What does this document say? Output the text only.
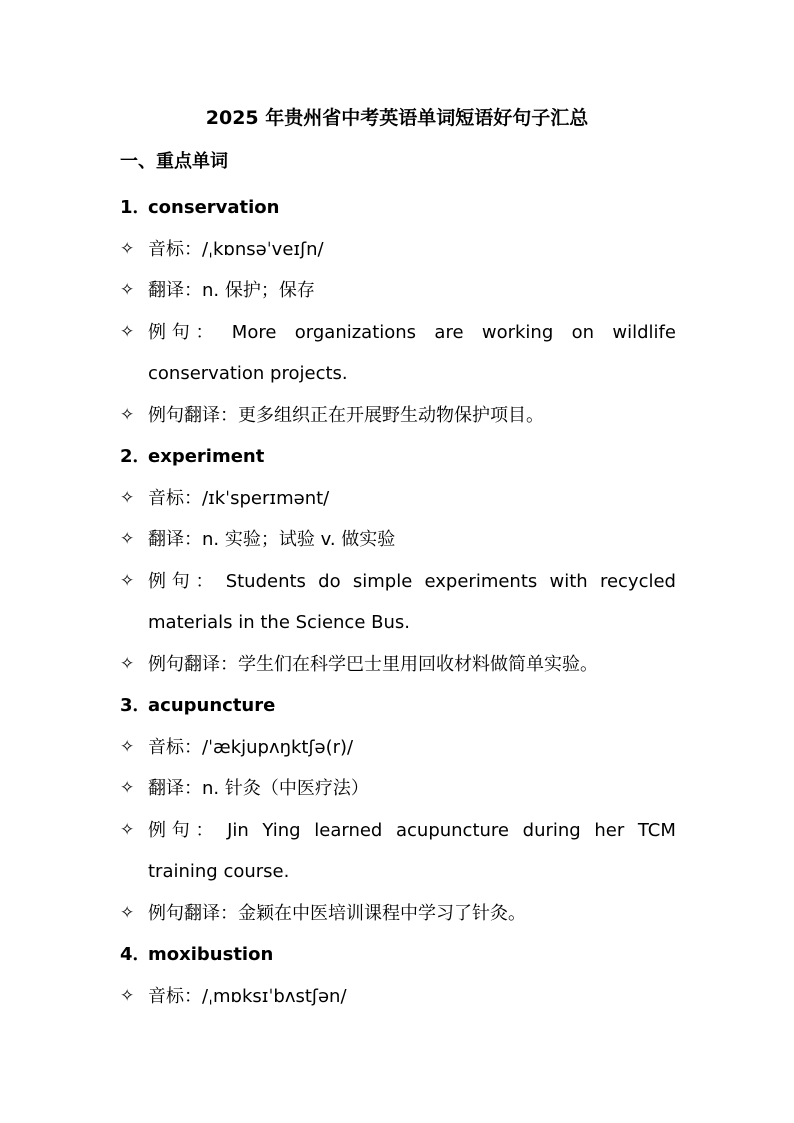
2025 年贵州省中考英语单词短语好句子汇总
一、重点单词
1．conservation
✧ 音标：/ˌkɒnsəˈveɪʃn/
✧ 翻译：n. 保护；保存
✧ 例 句 ： More organizations are working on wildlife
conservation projects.
✧ 例句翻译：更多组织正在开展野生动物保护项目。
2．experiment
✧ 音标：/ɪkˈsperɪmənt/
✧ 翻译：n. 实验；试验 v. 做实验
✧ 例 句 ： Students do simple experiments with recycled
materials in the Science Bus.
✧ 例句翻译：学生们在科学巴士里用回收材料做简单实验。
3．acupuncture
✧ 音标：/ˈækjupʌŋktʃə(r)/
✧ 翻译：n. 针灸（中医疗法）
✧ 例 句 ： Jin Ying learned acupuncture during her TCM
training course.
✧ 例句翻译：金颖在中医培训课程中学习了针灸。
4．moxibustion
✧ 音标：/ˌmɒksɪˈbʌstʃən/
